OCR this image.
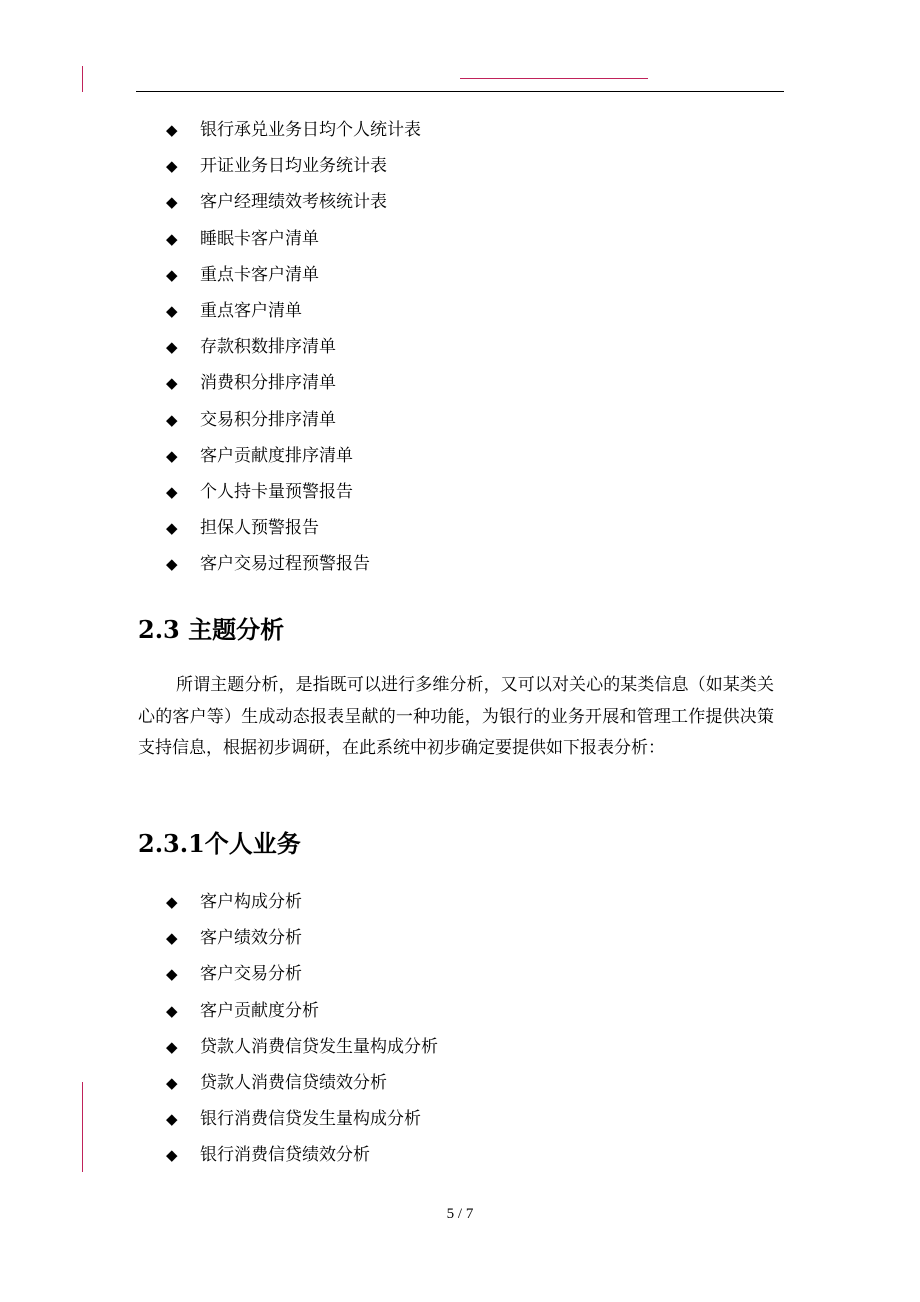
◆ 银行承兑业务日均个人统计表
◆ 开证业务日均业务统计表
◆ 客户经理绩效考核统计表
◆ 睡眠卡客户清单
◆ 重点卡客户清单
◆ 重点客户清单
◆ 存款积数排序清单
◆ 消费积分排序清单
◆ 交易积分排序清单
◆ 客户贡献度排序清单
◆ 个人持卡量预警报告
◆ 担保人预警报告
◆ 客户交易过程预警报告
2.3 主题分析

所谓主题分析，是指既可以进行多维分析，又可以对关心的某类信息（如某类关心的客户等）生成动态报表呈献的一种功能，为银行的业务开展和管理工作提供决策支持信息，根据初步调研，在此系统中初步确定要提供如下报表分析：

2.3.1个人业务
◆ 客户构成分析
◆ 客户绩效分析
◆ 客户交易分析
◆ 客户贡献度分析
◆ 贷款人消费信贷发生量构成分析
◆ 贷款人消费信贷绩效分析
◆ 银行消费信贷发生量构成分析
◆ 银行消费信贷绩效分析
5 / 7
